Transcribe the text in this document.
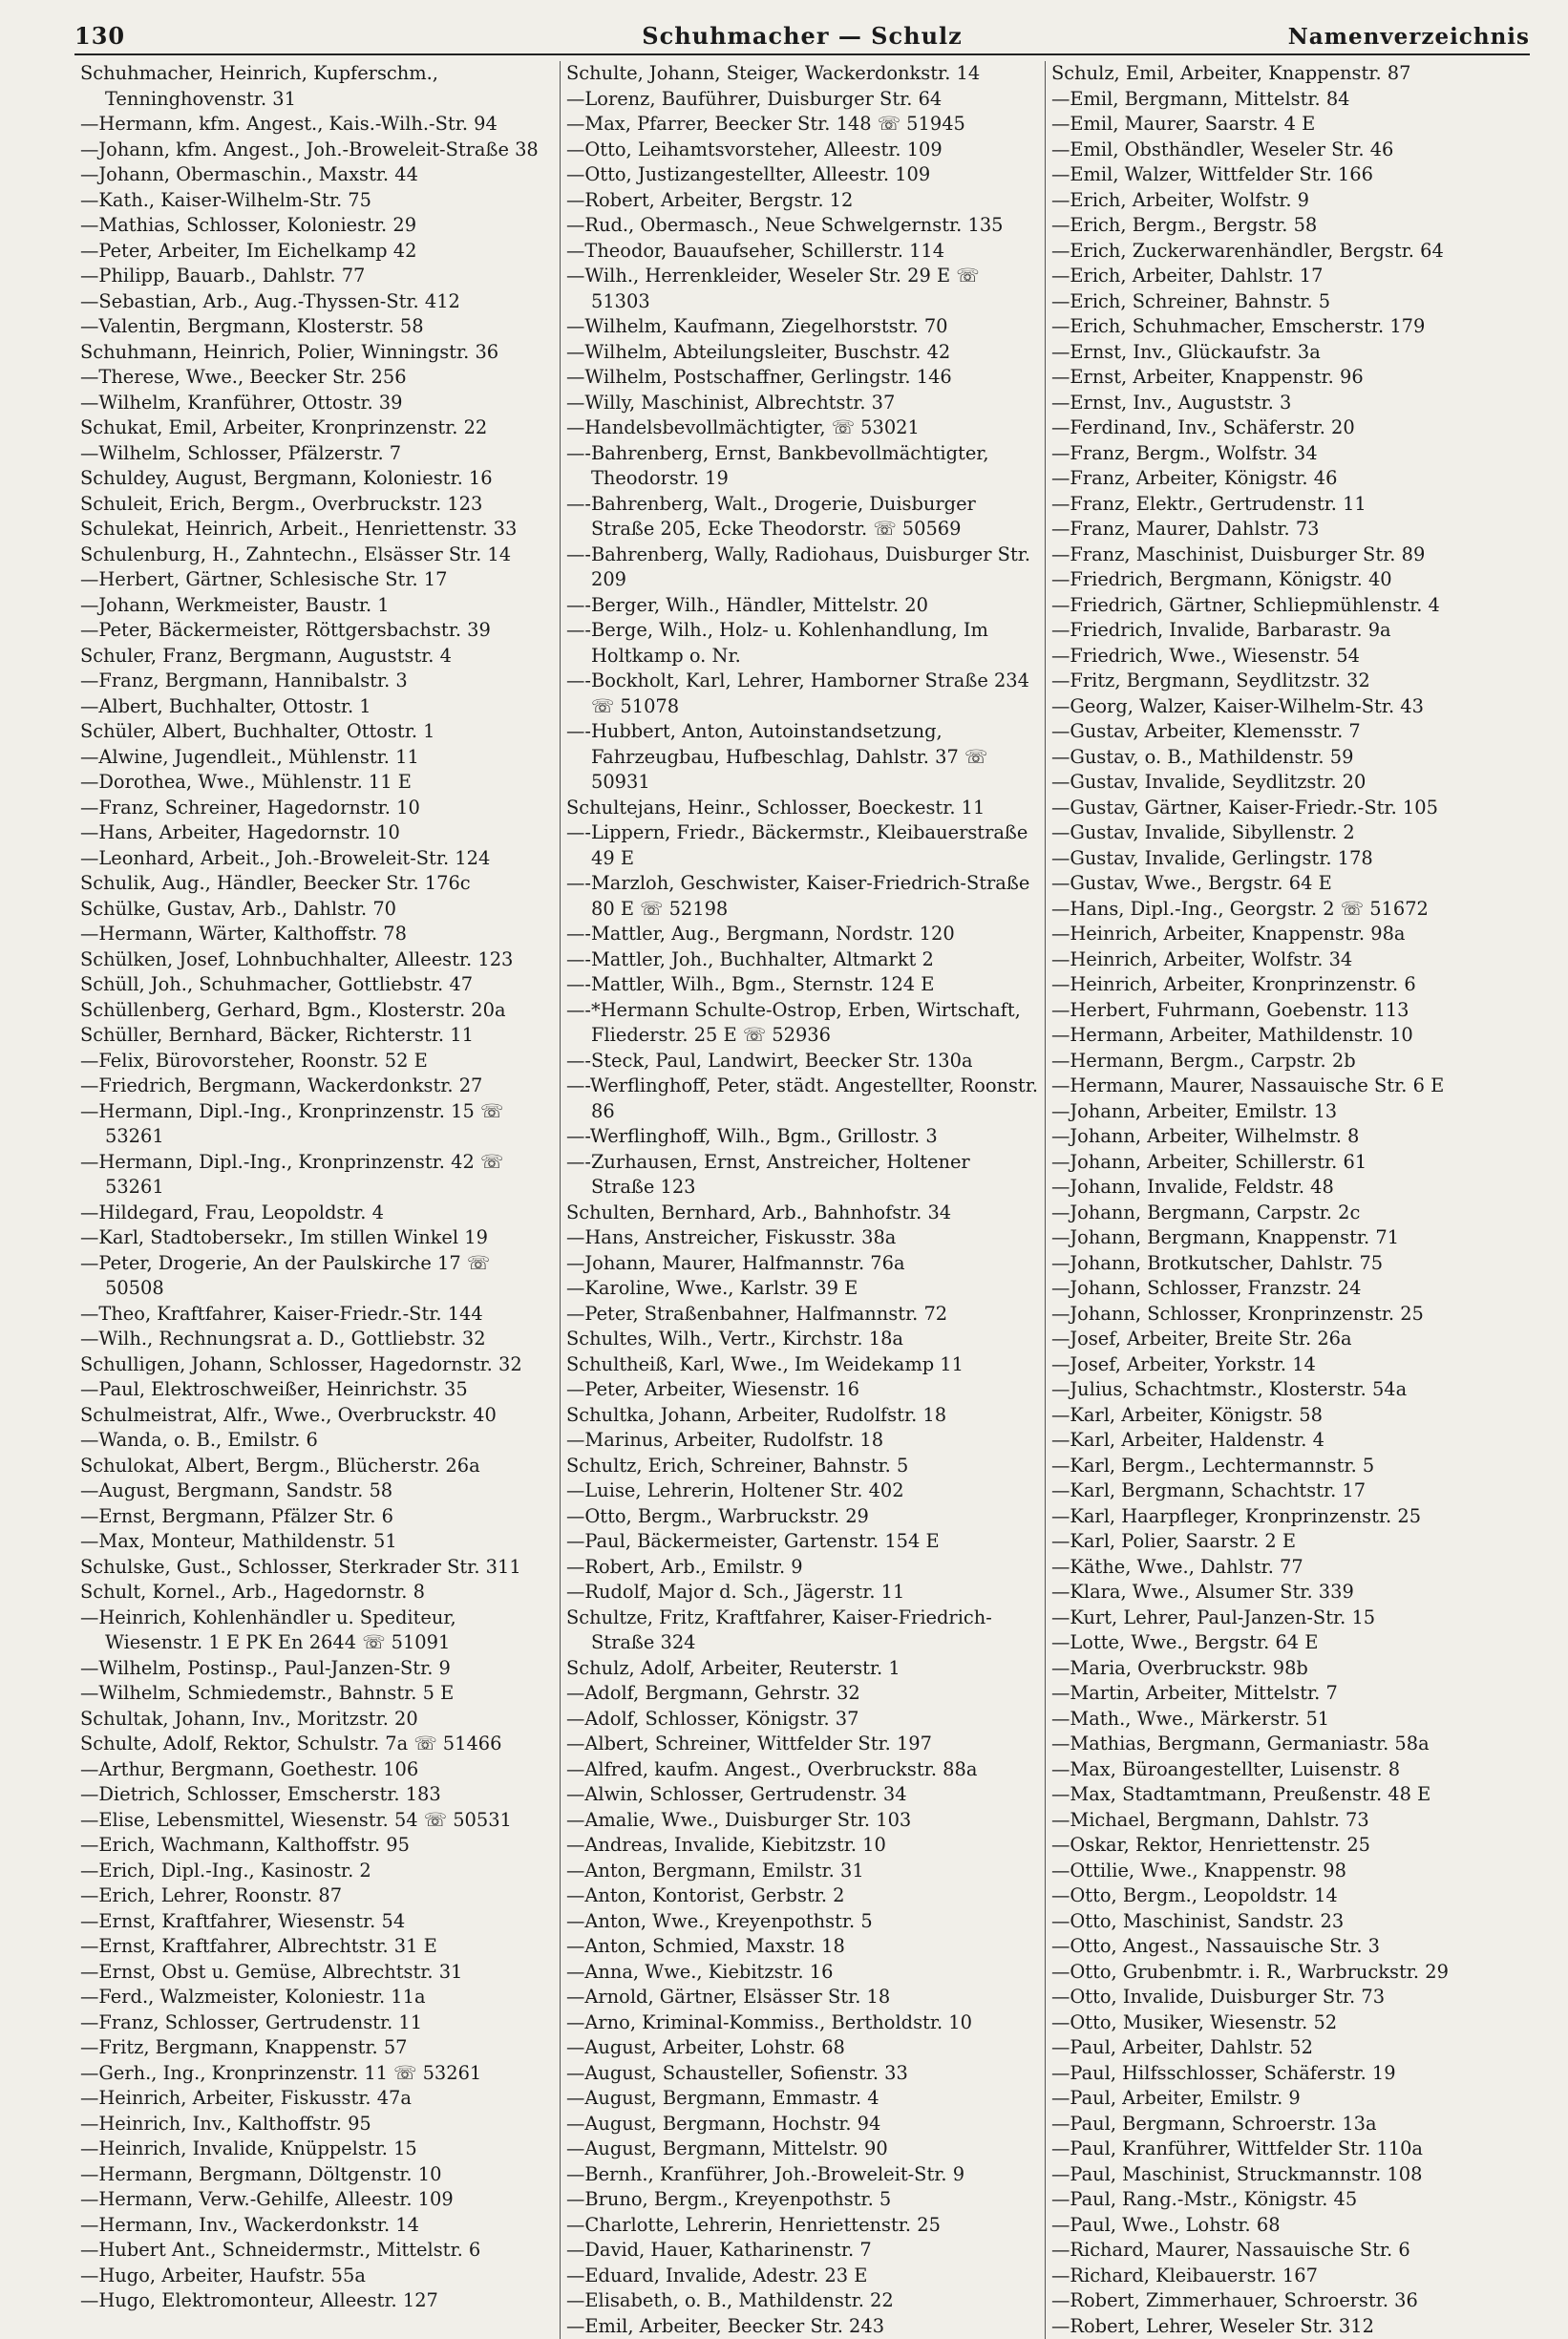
130	Schuhmacher — Schulz	Namenverzeichnis
Schuhmacher, Heinrich, Kupferschm., Tenninghovenstr. 31
—Hermann, kfm. Angest., Kais.-Wilh.-Str. 94
—Johann, kfm. Angest., Joh.-Broweleit-Straße 38
—Johann, Obermaschin., Maxstr. 44
—Kath., Kaiser-Wilhelm-Str. 75
—Mathias, Schlosser, Koloniestr. 29
—Peter, Arbeiter, Im Eichelkamp 42
—Philipp, Bauarb., Dahlstr. 77
—Sebastian, Arb., Aug.-Thyssen-Str. 412
—Valentin, Bergmann, Klosterstr. 58
Schuhmann, Heinrich, Polier, Winningstr. 36
—Therese, Wwe., Beecker Str. 256
—Wilhelm, Kranführer, Ottostr. 39
Schukat, Emil, Arbeiter, Kronprinzenstr. 22
—Wilhelm, Schlosser, Pfälzerstr. 7
Schuldey, August, Bergmann, Koloniestr. 16
Schuleit, Erich, Bergm., Overbruckstr. 123
Schulekat, Heinrich, Arbeit., Henriettenstr. 33
Schulenburg, H., Zahntechn., Elsässer Str. 14
—Herbert, Gärtner, Schlesische Str. 17
—Johann, Werkmeister, Baustr. 1
—Peter, Bäckermeister, Röttgersbachstr. 39
Schuler, Franz, Bergmann, Auguststr. 4
—Franz, Bergmann, Hannibalstr. 3
—Albert, Buchhalter, Ottostr. 1
Schüler, Albert, Buchhalter, Ottostr. 1
—Alwine, Jugendleit., Mühlenstr. 11
—Dorothea, Wwe., Mühlenstr. 11 E
—Franz, Schreiner, Hagedornstr. 10
—Hans, Arbeiter, Hagedornstr. 10
—Leonhard, Arbeit., Joh.-Broweleit-Str. 124
Schulik, Aug., Händler, Beecker Str. 176c
Schülke, Gustav, Arb., Dahlstr. 70
—Hermann, Wärter, Kalthoffstr. 78
Schülken, Josef, Lohnbuchhalter, Alleestr. 123
Schüll, Joh., Schuhmacher, Gottliebstr. 47
Schüllenberg, Gerhard, Bgm., Klosterstr. 20a
Schüller, Bernhard, Bäcker, Richterstr. 11
—Felix, Bürovorsteher, Roonstr. 52 E
—Friedrich, Bergmann, Wackerdonkstr. 27
—Hermann, Dipl.-Ing., Kronprinzenstr. 15 ☏ 53261
—Hermann, Dipl.-Ing., Kronprinzenstr. 42 ☏ 53261
—Hildegard, Frau, Leopoldstr. 4
—Karl, Stadtobersekr., Im stillen Winkel 19
—Peter, Drogerie, An der Paulskirche 17 ☏ 50508
—Theo, Kraftfahrer, Kaiser-Friedr.-Str. 144
—Wilh., Rechnungsrat a. D., Gottliebstr. 32
Schulligen, Johann, Schlosser, Hagedornstr. 32
—Paul, Elektroschweißer, Heinrichstr. 35
Schulmeistrat, Alfr., Wwe., Overbruckstr. 40
—Wanda, o. B., Emilstr. 6
Schulokat, Albert, Bergm., Blücherstr. 26a
—August, Bergmann, Sandstr. 58
—Ernst, Bergmann, Pfälzer Str. 6
—Max, Monteur, Mathildenstr. 51
Schulske, Gust., Schlosser, Sterkrader Str. 311
Schult, Kornel., Arb., Hagedornstr. 8
—Heinrich, Kohlenhändler u. Spediteur, Wiesenstr. 1 E PK En 2644 ☏ 51091
—Wilhelm, Postinsp., Paul-Janzen-Str. 9
—Wilhelm, Schmiedemstr., Bahnstr. 5 E
Schultak, Johann, Inv., Moritzstr. 20
Schulte, Adolf, Rektor, Schulstr. 7a ☏ 51466
—Arthur, Bergmann, Goethestr. 106
—Dietrich, Schlosser, Emscherstr. 183
—Elise, Lebensmittel, Wiesenstr. 54 ☏ 50531
—Erich, Wachmann, Kalthoffstr. 95
—Erich, Dipl.-Ing., Kasinostr. 2
—Erich, Lehrer, Roonstr. 87
—Ernst, Kraftfahrer, Wiesenstr. 54
—Ernst, Kraftfahrer, Albrechtstr. 31 E
—Ernst, Obst u. Gemüse, Albrechtstr. 31
—Ferd., Walzmeister, Koloniestr. 11a
—Franz, Schlosser, Gertrudenstr. 11
—Fritz, Bergmann, Knappenstr. 57
—Gerh., Ing., Kronprinzenstr. 11 ☏ 53261
—Heinrich, Arbeiter, Fiskusstr. 47a
—Heinrich, Inv., Kalthoffstr. 95
—Heinrich, Invalide, Knüppelstr. 15
—Hermann, Bergmann, Döltgenstr. 10
—Hermann, Verw.-Gehilfe, Alleestr. 109
—Hermann, Inv., Wackerdonkstr. 14
—Hubert Ant., Schneidermstr., Mittelstr. 6
—Hugo, Arbeiter, Haufstr. 55a
—Hugo, Elektromonteur, Alleestr. 127
Schulte, Johann, Steiger, Wackerdonkstr. 14
—Lorenz, Bauführer, Duisburger Str. 64
—Max, Pfarrer, Beecker Str. 148 ☏ 51945
—Otto, Leihamtsvorsteher, Alleestr. 109
—Otto, Justizangestellter, Alleestr. 109
—Robert, Arbeiter, Bergstr. 12
—Rud., Obermasch., Neue Schwelgernstr. 135
—Theodor, Bauaufseher, Schillerstr. 114
—Wilh., Herrenkleider, Weseler Str. 29 E ☏ 51303
—Wilhelm, Kaufmann, Ziegelhorststr. 70
—Wilhelm, Abteilungsleiter, Buschstr. 42
—Wilhelm, Postschaffner, Gerlingstr. 146
—Willy, Maschinist, Albrechtstr. 37
—Handelsbevollmächtigter, ☏ 53021
—-Bahrenberg, Ernst, Bankbevollmächtigter, Theodorstr. 19
—-Bahrenberg, Walt., Drogerie, Duisburger Straße 205, Ecke Theodorstr. ☏ 50569
—-Bahrenberg, Wally, Radiohaus, Duisburger Str. 209
—-Berger, Wilh., Händler, Mittelstr. 20
—-Berge, Wilh., Holz- u. Kohlenhandlung, Im Holtkamp o. Nr.
—-Bockholt, Karl, Lehrer, Hamborner Straße 234 ☏ 51078
—-Hubbert, Anton, Autoinstandsetzung, Fahrzeugbau, Hufbeschlag, Dahlstr. 37 ☏ 50931
Schultejans, Heinr., Schlosser, Boeckestr. 11
—-Lippern, Friedr., Bäckermstr., Kleibauerstraße 49 E
—-Marzloh, Geschwister, Kaiser-Friedrich-Straße 80 E ☏ 52198
—-Mattler, Aug., Bergmann, Nordstr. 120
—-Mattler, Joh., Buchhalter, Altmarkt 2
—-Mattler, Wilh., Bgm., Sternstr. 124 E
—-*Hermann Schulte-Ostrop, Erben, Wirtschaft, Fliederstr. 25 E ☏ 52936
—-Steck, Paul, Landwirt, Beecker Str. 130a
—-Werflinghoff, Peter, städt. Angestellter, Roonstr. 86
—-Werflinghoff, Wilh., Bgm., Grillostr. 3
—-Zurhausen, Ernst, Anstreicher, Holtener Straße 123
Schulten, Bernhard, Arb., Bahnhofstr. 34
—Hans, Anstreicher, Fiskusstr. 38a
—Johann, Maurer, Halfmannstr. 76a
—Karoline, Wwe., Karlstr. 39 E
—Peter, Straßenbahner, Halfmannstr. 72
Schultes, Wilh., Vertr., Kirchstr. 18a
Schultheiß, Karl, Wwe., Im Weidekamp 11
—Peter, Arbeiter, Wiesenstr. 16
Schultka, Johann, Arbeiter, Rudolfstr. 18
—Marinus, Arbeiter, Rudolfstr. 18
Schultz, Erich, Schreiner, Bahnstr. 5
—Luise, Lehrerin, Holtener Str. 402
—Otto, Bergm., Warbruckstr. 29
—Paul, Bäckermeister, Gartenstr. 154 E
—Robert, Arb., Emilstr. 9
—Rudolf, Major d. Sch., Jägerstr. 11
Schultze, Fritz, Kraftfahrer, Kaiser-Friedrich-Straße 324
Schulz, Adolf, Arbeiter, Reuterstr. 1
—Adolf, Bergmann, Gehrstr. 32
—Adolf, Schlosser, Königstr. 37
—Albert, Schreiner, Wittfelder Str. 197
—Alfred, kaufm. Angest., Overbruckstr. 88a
—Alwin, Schlosser, Gertrudenstr. 34
—Amalie, Wwe., Duisburger Str. 103
—Andreas, Invalide, Kiebitzstr. 10
—Anton, Bergmann, Emilstr. 31
—Anton, Kontorist, Gerbstr. 2
—Anton, Wwe., Kreyenpothstr. 5
—Anton, Schmied, Maxstr. 18
—Anna, Wwe., Kiebitzstr. 16
—Arnold, Gärtner, Elsässer Str. 18
—Arno, Kriminal-Kommiss., Bertholdstr. 10
—August, Arbeiter, Lohstr. 68
—August, Schausteller, Sofienstr. 33
—August, Bergmann, Emmastr. 4
—August, Bergmann, Hochstr. 94
—August, Bergmann, Mittelstr. 90
—Bernh., Kranführer, Joh.-Broweleit-Str. 9
—Bruno, Bergm., Kreyenpothstr. 5
—Charlotte, Lehrerin, Henriettenstr. 25
—David, Hauer, Katharinenstr. 7
—Eduard, Invalide, Adestr. 23 E
—Elisabeth, o. B., Mathildenstr. 22
—Emil, Arbeiter, Beecker Str. 243
Schulz, Emil, Arbeiter, Knappenstr. 87
—Emil, Bergmann, Mittelstr. 84
—Emil, Maurer, Saarstr. 4 E
—Emil, Obsthändler, Weseler Str. 46
—Emil, Walzer, Wittfelder Str. 166
—Erich, Arbeiter, Wolfstr. 9
—Erich, Bergm., Bergstr. 58
—Erich, Zuckerwarenhändler, Bergstr. 64
—Erich, Arbeiter, Dahlstr. 17
—Erich, Schreiner, Bahnstr. 5
—Erich, Schuhmacher, Emscherstr. 179
—Ernst, Inv., Glückaufstr. 3a
—Ernst, Arbeiter, Knappenstr. 96
—Ernst, Inv., Auguststr. 3
—Ferdinand, Inv., Schäferstr. 20
—Franz, Bergm., Wolfstr. 34
—Franz, Arbeiter, Königstr. 46
—Franz, Elektr., Gertrudenstr. 11
—Franz, Maurer, Dahlstr. 73
—Franz, Maschinist, Duisburger Str. 89
—Friedrich, Bergmann, Königstr. 40
—Friedrich, Gärtner, Schliepmühlenstr. 4
—Friedrich, Invalide, Barbarastr. 9a
—Friedrich, Wwe., Wiesenstr. 54
—Fritz, Bergmann, Seydlitzstr. 32
—Georg, Walzer, Kaiser-Wilhelm-Str. 43
—Gustav, Arbeiter, Klemensstr. 7
—Gustav, o. B., Mathildenstr. 59
—Gustav, Invalide, Seydlitzstr. 20
—Gustav, Gärtner, Kaiser-Friedr.-Str. 105
—Gustav, Invalide, Sibyllenstr. 2
—Gustav, Invalide, Gerlingstr. 178
—Gustav, Wwe., Bergstr. 64 E
—Hans, Dipl.-Ing., Georgstr. 2 ☏ 51672
—Heinrich, Arbeiter, Knappenstr. 98a
—Heinrich, Arbeiter, Wolfstr. 34
—Heinrich, Arbeiter, Kronprinzenstr. 6
—Herbert, Fuhrmann, Goebenstr. 113
—Hermann, Arbeiter, Mathildenstr. 10
—Hermann, Bergm., Carpstr. 2b
—Hermann, Maurer, Nassauische Str. 6 E
—Johann, Arbeiter, Emilstr. 13
—Johann, Arbeiter, Wilhelmstr. 8
—Johann, Arbeiter, Schillerstr. 61
—Johann, Invalide, Feldstr. 48
—Johann, Bergmann, Carpstr. 2c
—Johann, Bergmann, Knappenstr. 71
—Johann, Brotkutscher, Dahlstr. 75
—Johann, Schlosser, Franzstr. 24
—Johann, Schlosser, Kronprinzenstr. 25
—Josef, Arbeiter, Breite Str. 26a
—Josef, Arbeiter, Yorkstr. 14
—Julius, Schachtmstr., Klosterstr. 54a
—Karl, Arbeiter, Königstr. 58
—Karl, Arbeiter, Haldenstr. 4
—Karl, Bergm., Lechtermannstr. 5
—Karl, Bergmann, Schachtstr. 17
—Karl, Haarpfleger, Kronprinzenstr. 25
—Karl, Polier, Saarstr. 2 E
—Käthe, Wwe., Dahlstr. 77
—Klara, Wwe., Alsumer Str. 339
—Kurt, Lehrer, Paul-Janzen-Str. 15
—Lotte, Wwe., Bergstr. 64 E
—Maria, Overbruckstr. 98b
—Martin, Arbeiter, Mittelstr. 7
—Math., Wwe., Märkerstr. 51
—Mathias, Bergmann, Germaniastr. 58a
—Max, Büroangestellter, Luisenstr. 8
—Max, Stadtamtmann, Preußenstr. 48 E
—Michael, Bergmann, Dahlstr. 73
—Oskar, Rektor, Henriettenstr. 25
—Ottilie, Wwe., Knappenstr. 98
—Otto, Bergm., Leopoldstr. 14
—Otto, Maschinist, Sandstr. 23
—Otto, Angest., Nassauische Str. 3
—Otto, Grubenbmtr. i. R., Warbruckstr. 29
—Otto, Invalide, Duisburger Str. 73
—Otto, Musiker, Wiesenstr. 52
—Paul, Arbeiter, Dahlstr. 52
—Paul, Hilfsschlosser, Schäferstr. 19
—Paul, Arbeiter, Emilstr. 9
—Paul, Bergmann, Schroerstr. 13a
—Paul, Kranführer, Wittfelder Str. 110a
—Paul, Maschinist, Struckmannstr. 108
—Paul, Rang.-Mstr., Königstr. 45
—Paul, Wwe., Lohstr. 68
—Richard, Maurer, Nassauische Str. 6
—Richard, Kleibauerstr. 167
—Robert, Zimmerhauer, Schroerstr. 36
—Robert, Lehrer, Weseler Str. 312
